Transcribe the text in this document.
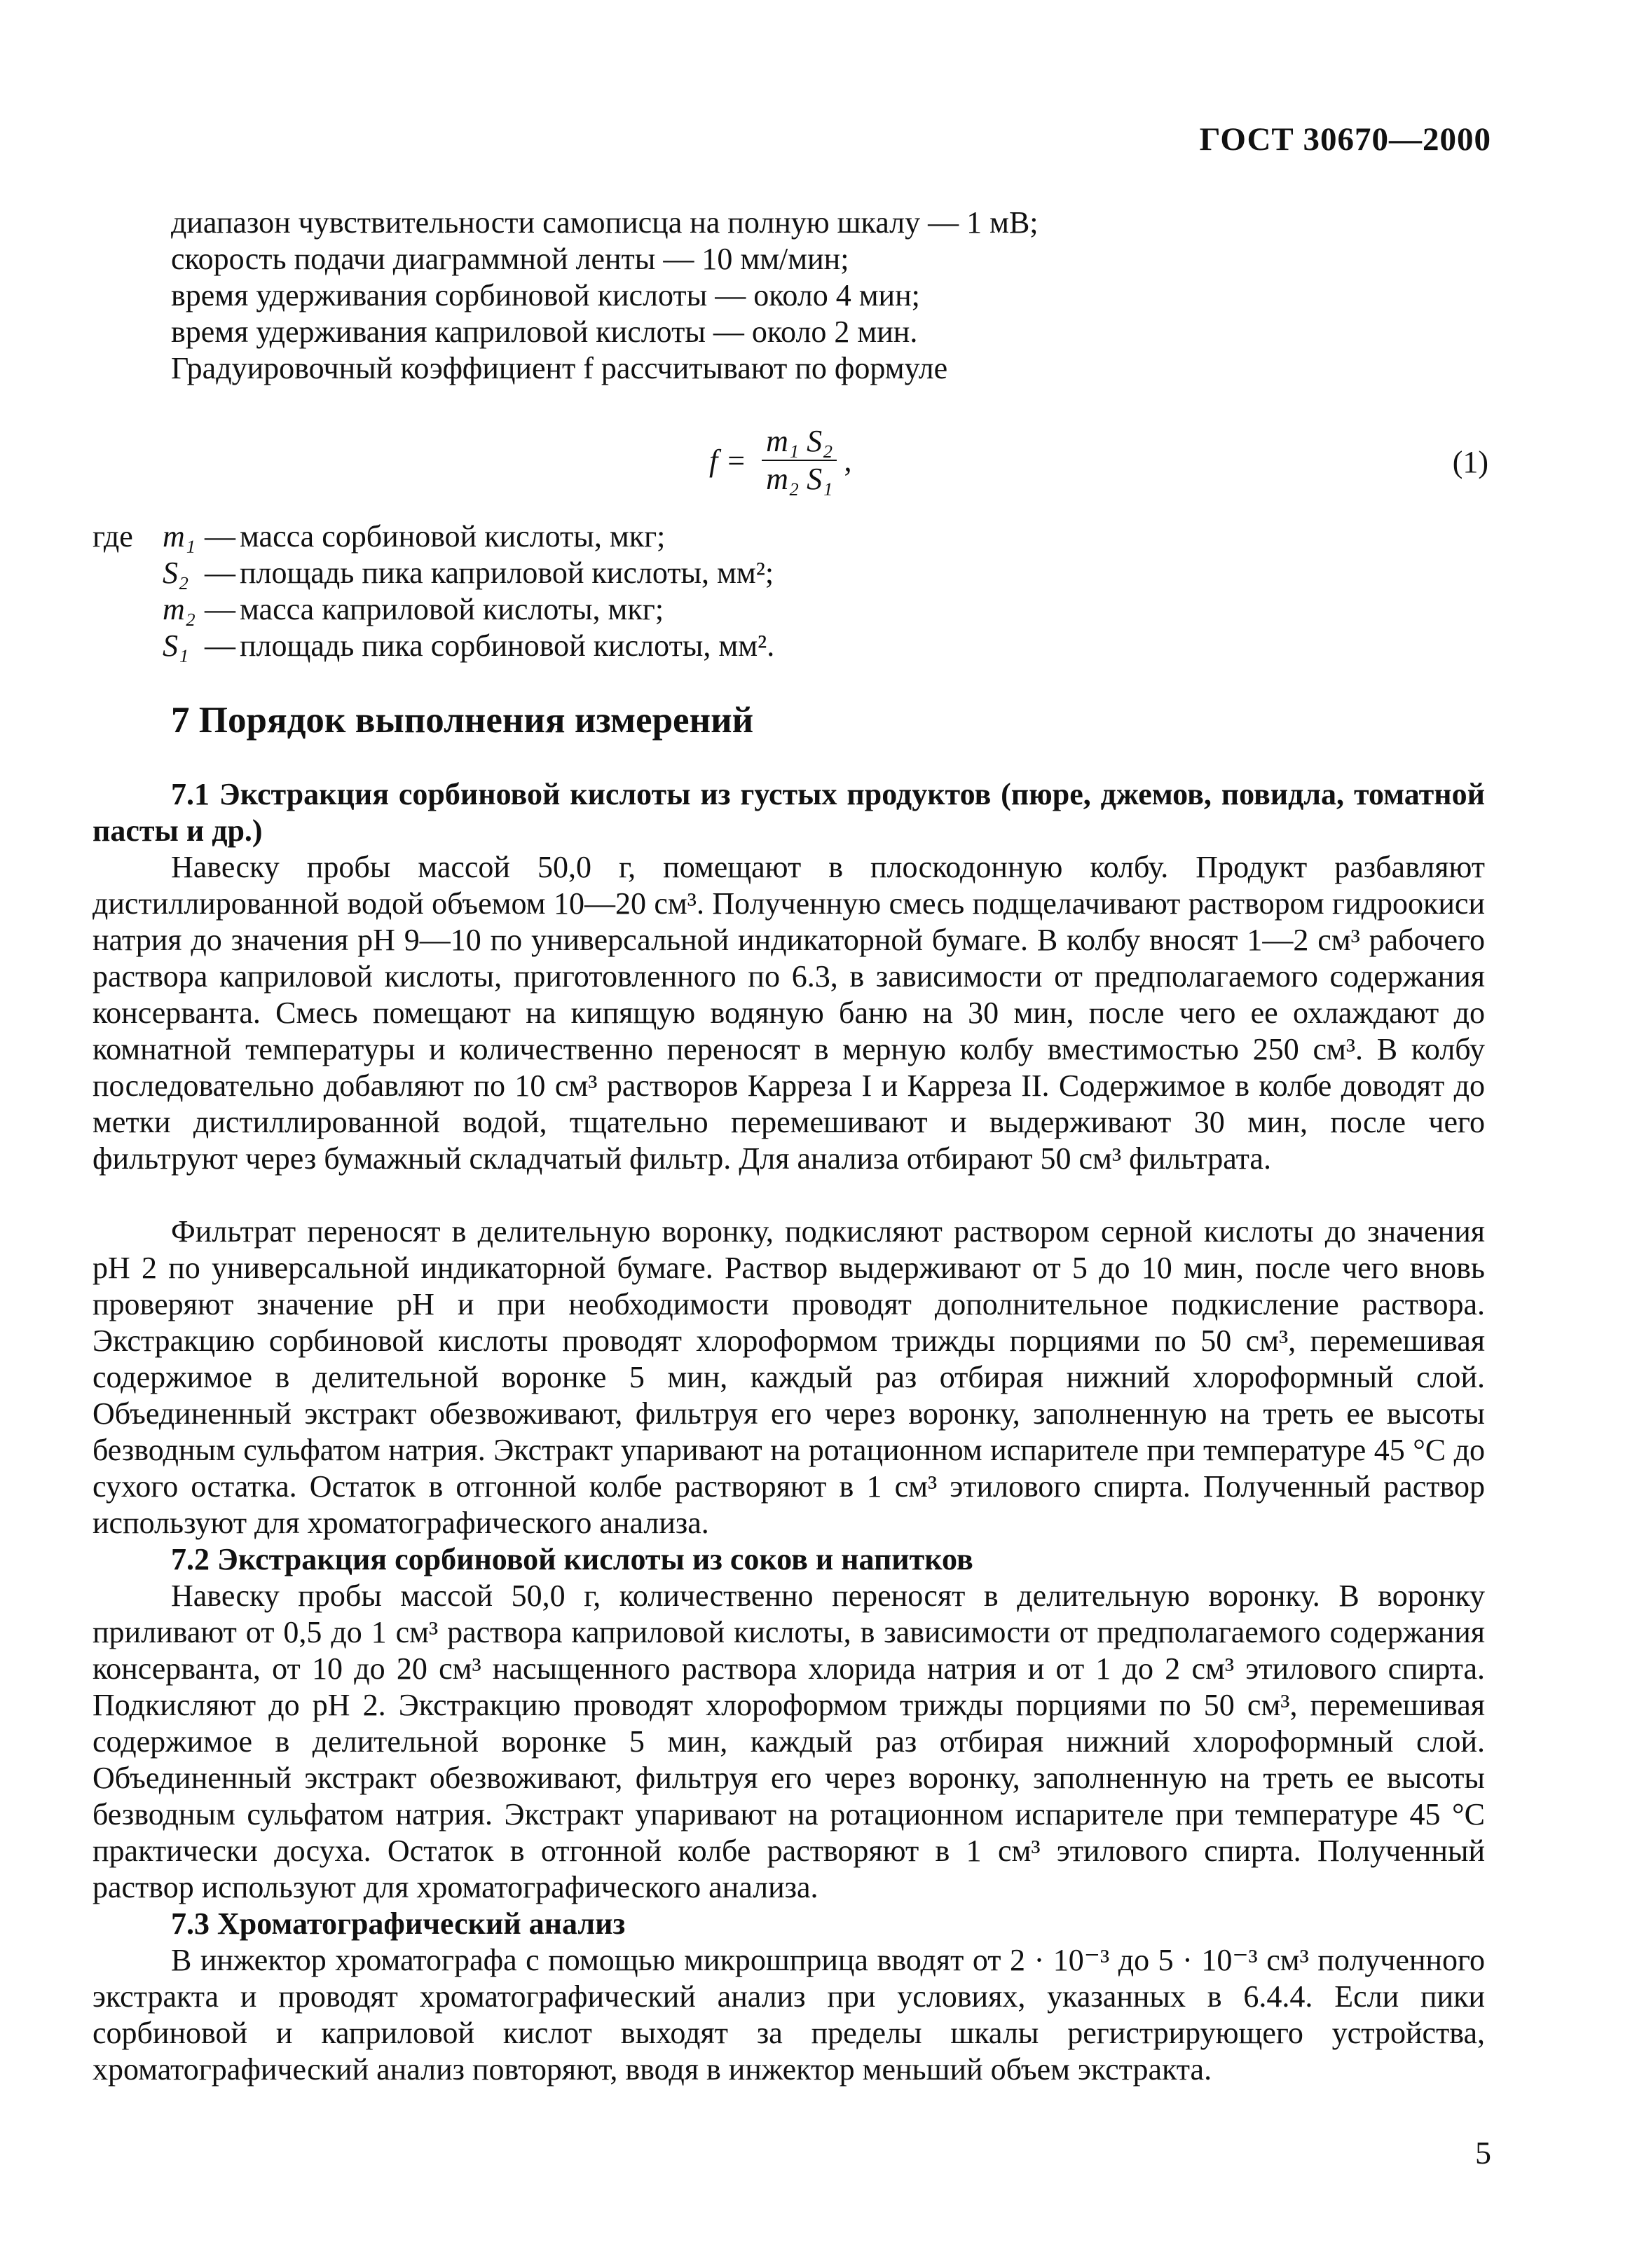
ГОСТ 30670—2000
диапазон чувствительности самописца на полную шкалу — 1 мВ;
скорость подачи диаграммной ленты — 10 мм/мин;
время удерживания сорбиновой кислоты — около 4 мин;
время удерживания каприловой кислоты — около 2 мин.
Градуировочный коэффициент f рассчитывают по формуле
$f = \frac{\text{m₁ S₂}}{\text{m₂ S₁}}$ ,	(1)
где m₁ — масса сорбиновой кислоты, мкг;
S₂ — площадь пика каприловой кислоты, мм²;
m₂ — масса каприловой кислоты, мкг;
S₁ — площадь пика сорбиновой кислоты, мм².
7 Порядок выполнения измерений
7.1 Экстракция сорбиновой кислоты из густых продуктов (пюре, джемов, повидла, томатной пасты и др.)
Навеску пробы массой 50,0 г, помещают в плоскодонную колбу. Продукт разбавляют дистиллированной водой объемом 10—20 см³. Полученную смесь подщелачивают раствором гидроокиси натрия до значения рН 9—10 по универсальной индикаторной бумаге. В колбу вносят 1—2 см³ рабочего раствора каприловой кислоты, приготовленного по 6.3, в зависимости от предполагаемого содержания консерванта. Смесь помещают на кипящую водяную баню на 30 мин, после чего ее охлаждают до комнатной температуры и количественно переносят в мерную колбу вместимостью 250 см³. В колбу последовательно добавляют по 10 см³ растворов Карреза I и Карреза II. Содержимое в колбе доводят до метки дистиллированной водой, тщательно перемешивают и выдерживают 30 мин, после чего фильтруют через бумажный складчатый фильтр. Для анализа отбирают 50 см³ фильтрата.
Фильтрат переносят в делительную воронку, подкисляют раствором серной кислоты до значения рН 2 по универсальной индикаторной бумаге. Раствор выдерживают от 5 до 10 мин, после чего вновь проверяют значение рН и при необходимости проводят дополнительное подкисление раствора. Экстракцию сорбиновой кислоты проводят хлороформом трижды порциями по 50 см³, перемешивая содержимое в делительной воронке 5 мин, каждый раз отбирая нижний хлороформный слой. Объединенный экстракт обезвоживают, фильтруя его через воронку, заполненную на треть ее высоты безводным сульфатом натрия. Экстракт упаривают на ротационном испарителе при температуре 45 °С до сухого остатка. Остаток в отгонной колбе растворяют в 1 см³ этилового спирта. Полученный раствор используют для хроматографического анализа.
7.2 Экстракция сорбиновой кислоты из соков и напитков
Навеску пробы массой 50,0 г, количественно переносят в делительную воронку. В воронку приливают от 0,5 до 1 см³ раствора каприловой кислоты, в зависимости от предполагаемого содержания консерванта, от 10 до 20 см³ насыщенного раствора хлорида натрия и от 1 до 2 см³ этилового спирта. Подкисляют до рН 2. Экстракцию проводят хлороформом трижды порциями по 50 см³, перемешивая содержимое в делительной воронке 5 мин, каждый раз отбирая нижний хлороформный слой. Объединенный экстракт обезвоживают, фильтруя его через воронку, заполненную на треть ее высоты безводным сульфатом натрия. Экстракт упаривают на ротационном испарителе при температуре 45 °С практически досуха. Остаток в отгонной колбе растворяют в 1 см³ этилового спирта. Полученный раствор используют для хроматографического анализа.
7.3 Хроматографический анализ
В инжектор хроматографа с помощью микрошприца вводят от 2 · 10⁻³ до 5 · 10⁻³ см³ полученного экстракта и проводят хроматографический анализ при условиях, указанных в 6.4.4. Если пики сорбиновой и каприловой кислот выходят за пределы шкалы регистрирующего устройства, хроматографический анализ повторяют, вводя в инжектор меньший объем экстракта.
5
